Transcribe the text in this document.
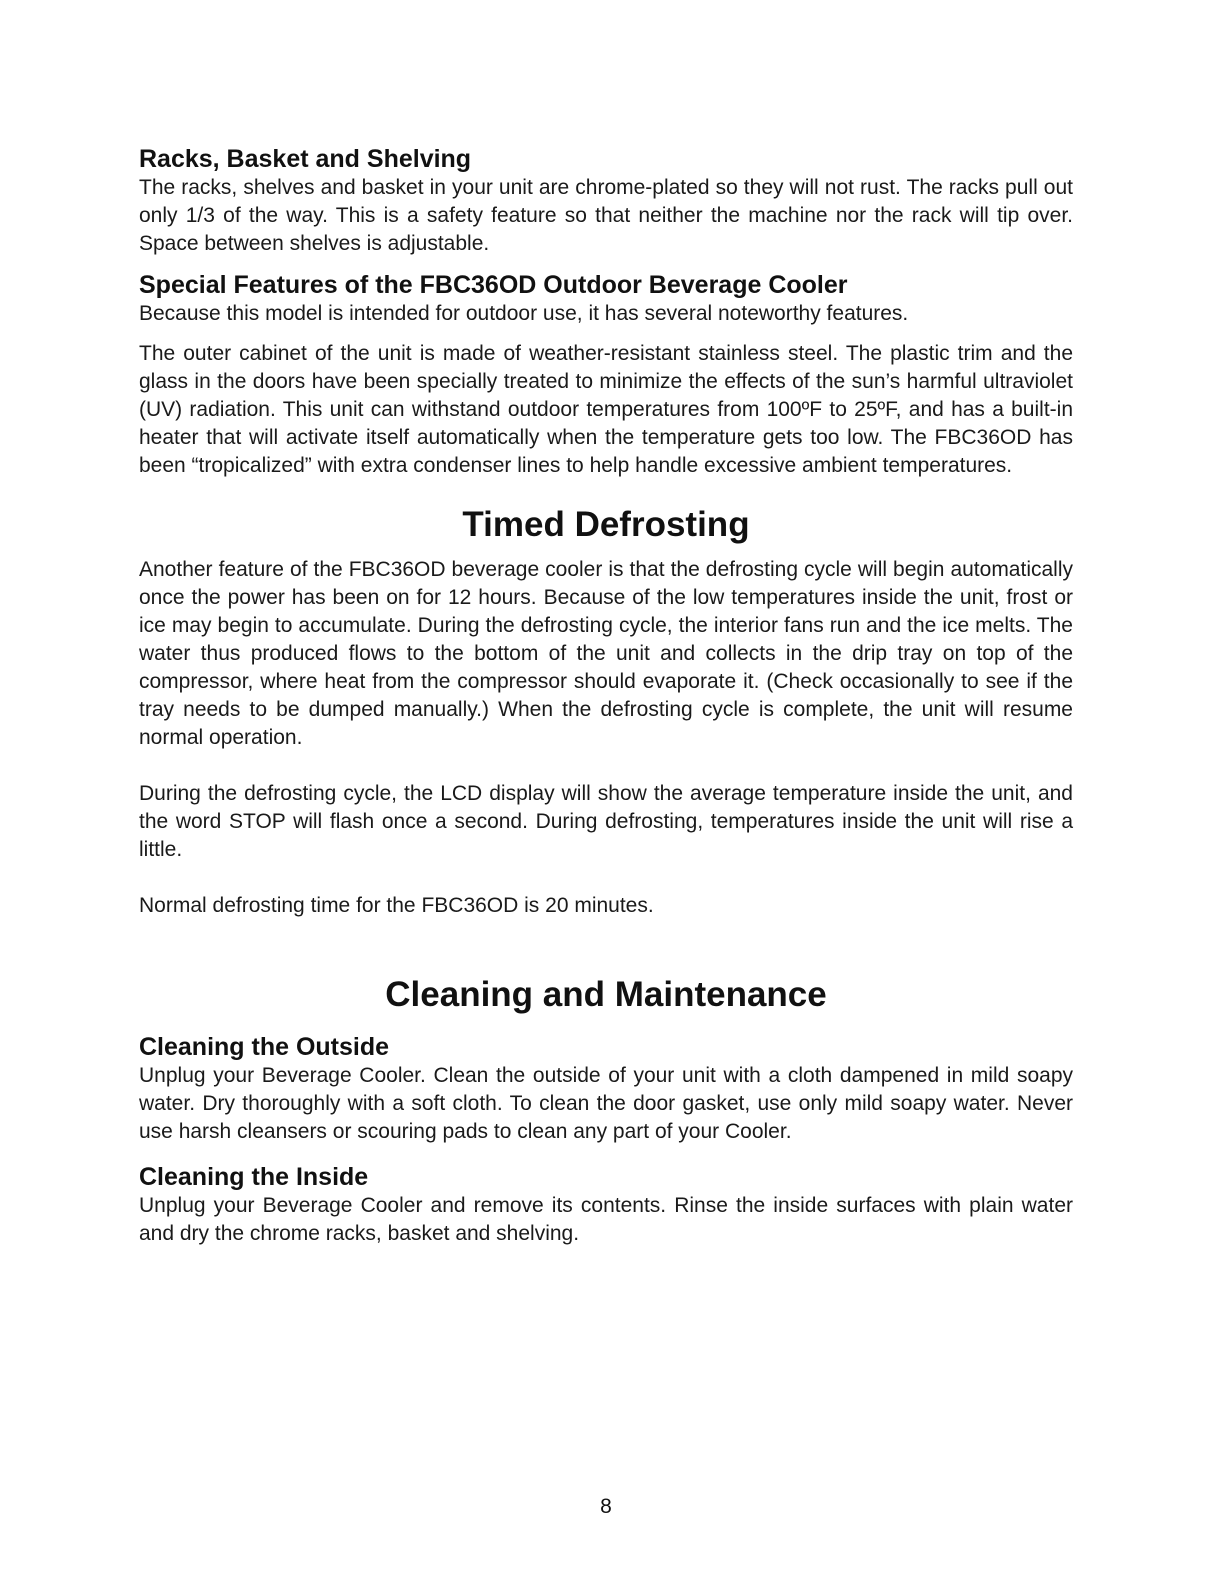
Racks, Basket and Shelving

The racks, shelves and basket in your unit are chrome-plated so they will not rust. The racks pull out only 1/3 of the way. This is a safety feature so that neither the machine nor the rack will tip over. Space between shelves is adjustable.

Special Features of the FBC36OD Outdoor Beverage Cooler

Because this model is intended for outdoor use, it has several noteworthy features.

The outer cabinet of the unit is made of weather-resistant stainless steel. The plastic trim and the glass in the doors have been specially treated to minimize the effects of the sun’s harmful ultraviolet (UV) radiation. This unit can withstand outdoor temperatures from 100ºF to 25ºF, and has a built-in heater that will activate itself automatically when the temperature gets too low. The FBC36OD has been “tropicalized” with extra condenser lines to help handle excessive ambient temperatures.

Timed Defrosting

Another feature of the FBC36OD beverage cooler is that the defrosting cycle will begin automatically once the power has been on for 12 hours. Because of the low temperatures inside the unit, frost or ice may begin to accumulate. During the defrosting cycle, the interior fans run and the ice melts. The water thus produced flows to the bottom of the unit and collects in the drip tray on top of the compressor, where heat from the compressor should evaporate it. (Check occasionally to see if the tray needs to be dumped manually.) When the defrosting cycle is complete, the unit will resume normal operation.

During the defrosting cycle, the LCD display will show the average temperature inside the unit, and the word STOP will flash once a second. During defrosting, temperatures inside the unit will rise a little.

Normal defrosting time for the FBC36OD is 20 minutes.

Cleaning and Maintenance
Cleaning the Outside

Unplug your Beverage Cooler. Clean the outside of your unit with a cloth dampened in mild soapy water. Dry thoroughly with a soft cloth. To clean the door gasket, use only mild soapy water. Never use harsh cleansers or scouring pads to clean any part of your Cooler.

Cleaning the Inside

Unplug your Beverage Cooler and remove its contents. Rinse the inside surfaces with plain water and dry the chrome racks, basket and shelving.

8
